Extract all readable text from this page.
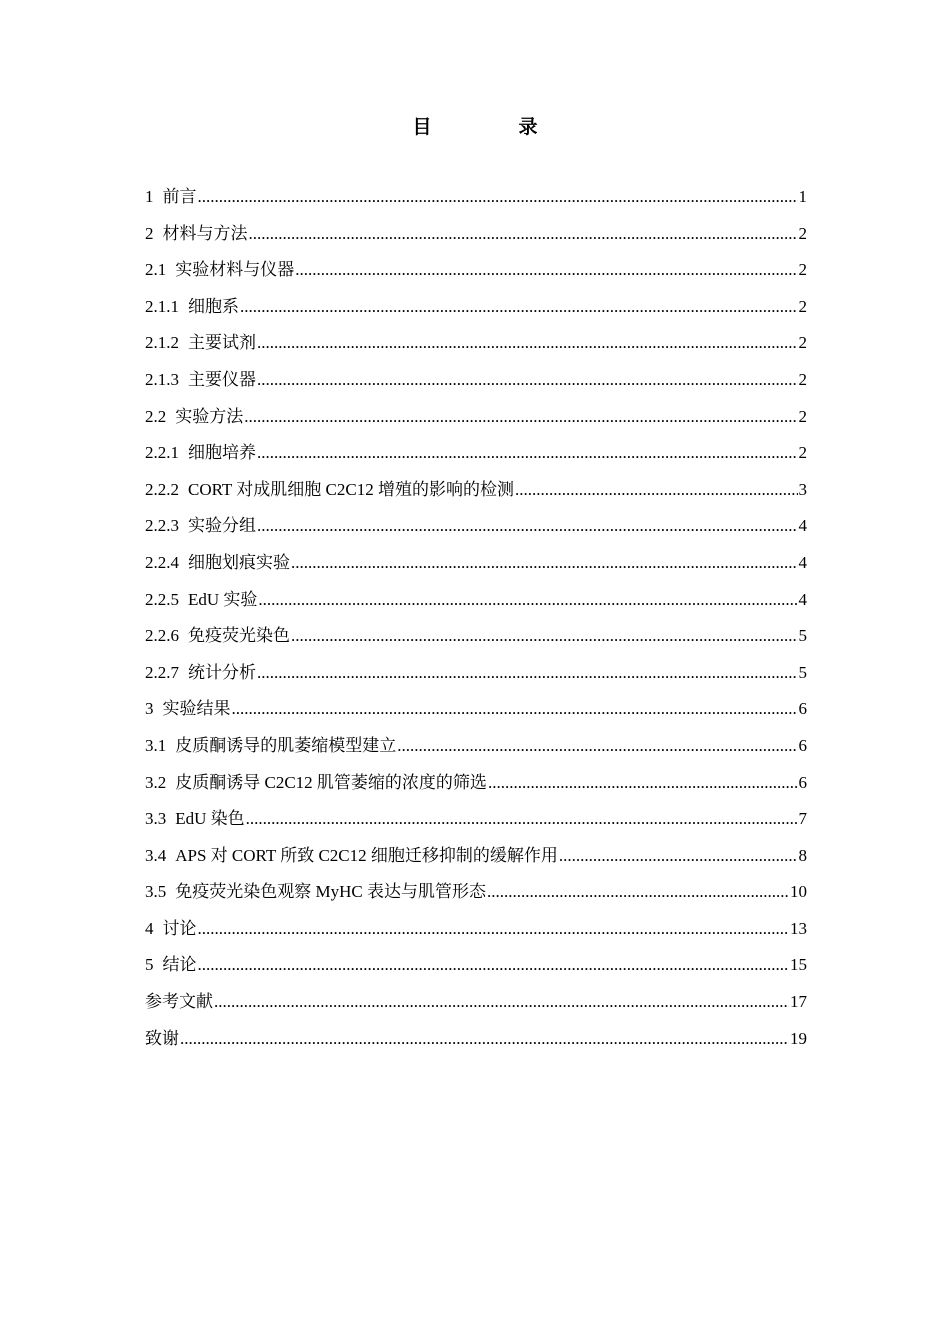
目　录
1 前言 .....	1
2 材料与方法 .....	2
2.1 实验材料与仪器 .....	2
2.1.1 细胞系 .....	2
2.1.2 主要试剂 .....	2
2.1.3 主要仪器 .....	2
2.2 实验方法 .....	2
2.2.1 细胞培养 .....	2
2.2.2 CORT 对成肌细胞 C2C12 增殖的影响的检测 .....	3
2.2.3 实验分组 .....	4
2.2.4 细胞划痕实验 .....	4
2.2.5 EdU 实验 .....	4
2.2.6 免疫荧光染色 .....	5
2.2.7 统计分析 .....	5
3 实验结果 .....	6
3.1 皮质酮诱导的肌萎缩模型建立 .....	6
3.2 皮质酮诱导 C2C12 肌管萎缩的浓度的筛选 .....	6
3.3 EdU 染色 .....	7
3.4 APS 对 CORT 所致 C2C12 细胞迁移抑制的缓解作用 .....	8
3.5 免疫荧光染色观察 MyHC 表达与肌管形态 .....	10
4 讨论 .....	13
5 结论 .....	15
参考文献 .....	17
致谢 .....	19
